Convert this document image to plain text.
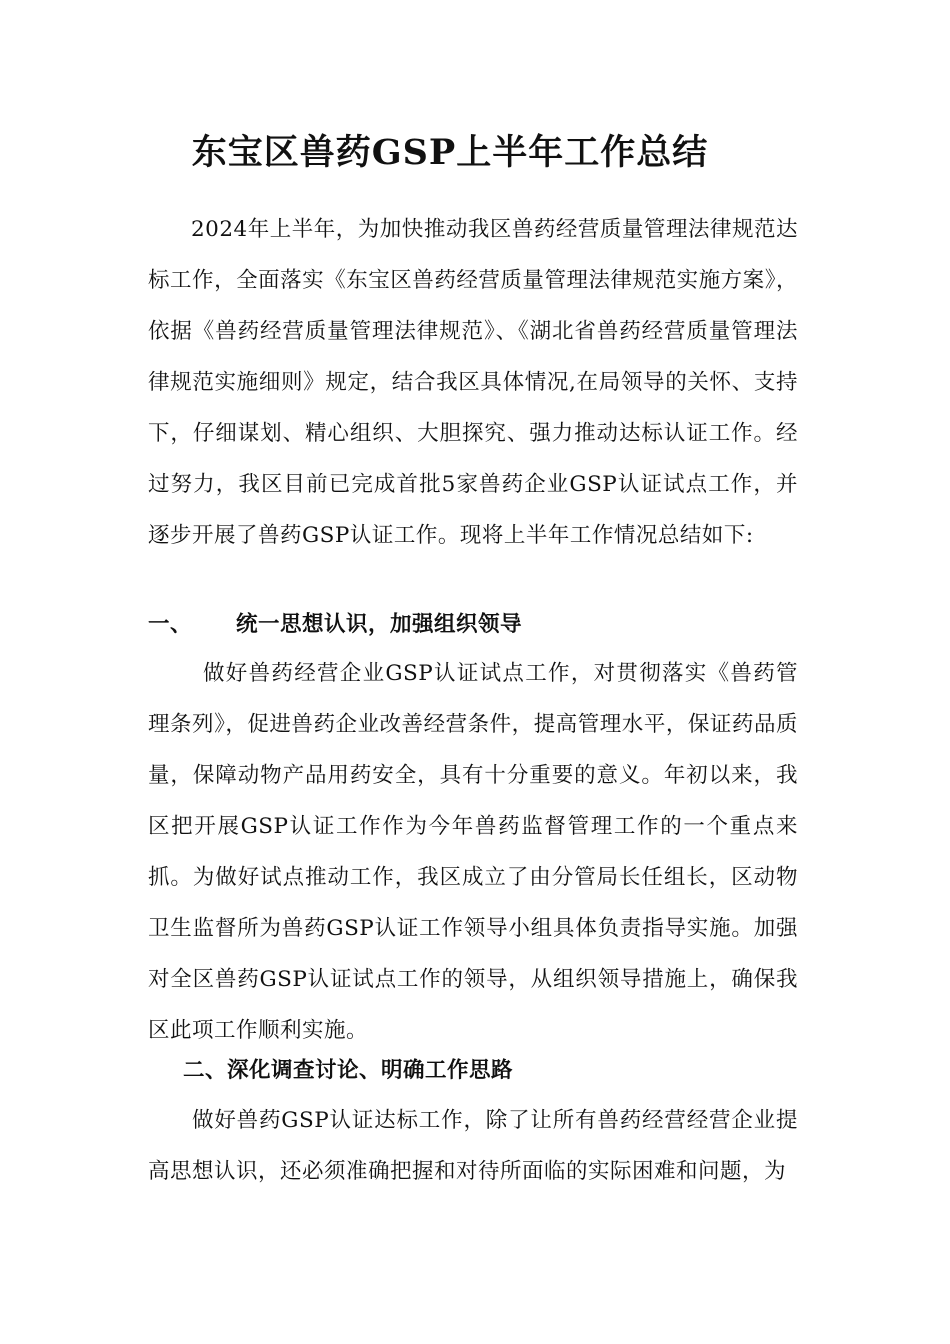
东宝区兽药GSP上半年工作总结
2024年上半年，为加快推动我区兽药经营质量管理法律规范达标工作，全面落实《东宝区兽药经营质量管理法律规范实施方案》，依据《兽药经营质量管理法律规范》、《湖北省兽药经营质量管理法律规范实施细则》规定，结合我区具体情况,在局领导的关怀、支持下，仔细谋划、精心组织、大胆探究、强力推动达标认证工作。经过努力，我区目前已完成首批5家兽药企业GSP认证试点工作，并逐步开展了兽药GSP认证工作。现将上半年工作情况总结如下:
一、 统一思想认识，加强组织领导
做好兽药经营企业GSP认证试点工作，对贯彻落实《兽药管理条列》，促进兽药企业改善经营条件，提高管理水平，保证药品质量，保障动物产品用药安全，具有十分重要的意义。年初以来，我区把开展GSP认证工作作为今年兽药监督管理工作的一个重点来抓。为做好试点推动工作，我区成立了由分管局长任组长，区动物卫生监督所为兽药GSP认证工作领导小组具体负责指导实施。加强对全区兽药GSP认证试点工作的领导，从组织领导措施上，确保我区此项工作顺利实施。
二、深化调查讨论、明确工作思路
做好兽药GSP认证达标工作，除了让所有兽药经营经营企业提高思想认识，还必须准确把握和对待所面临的实际困难和问题，为
